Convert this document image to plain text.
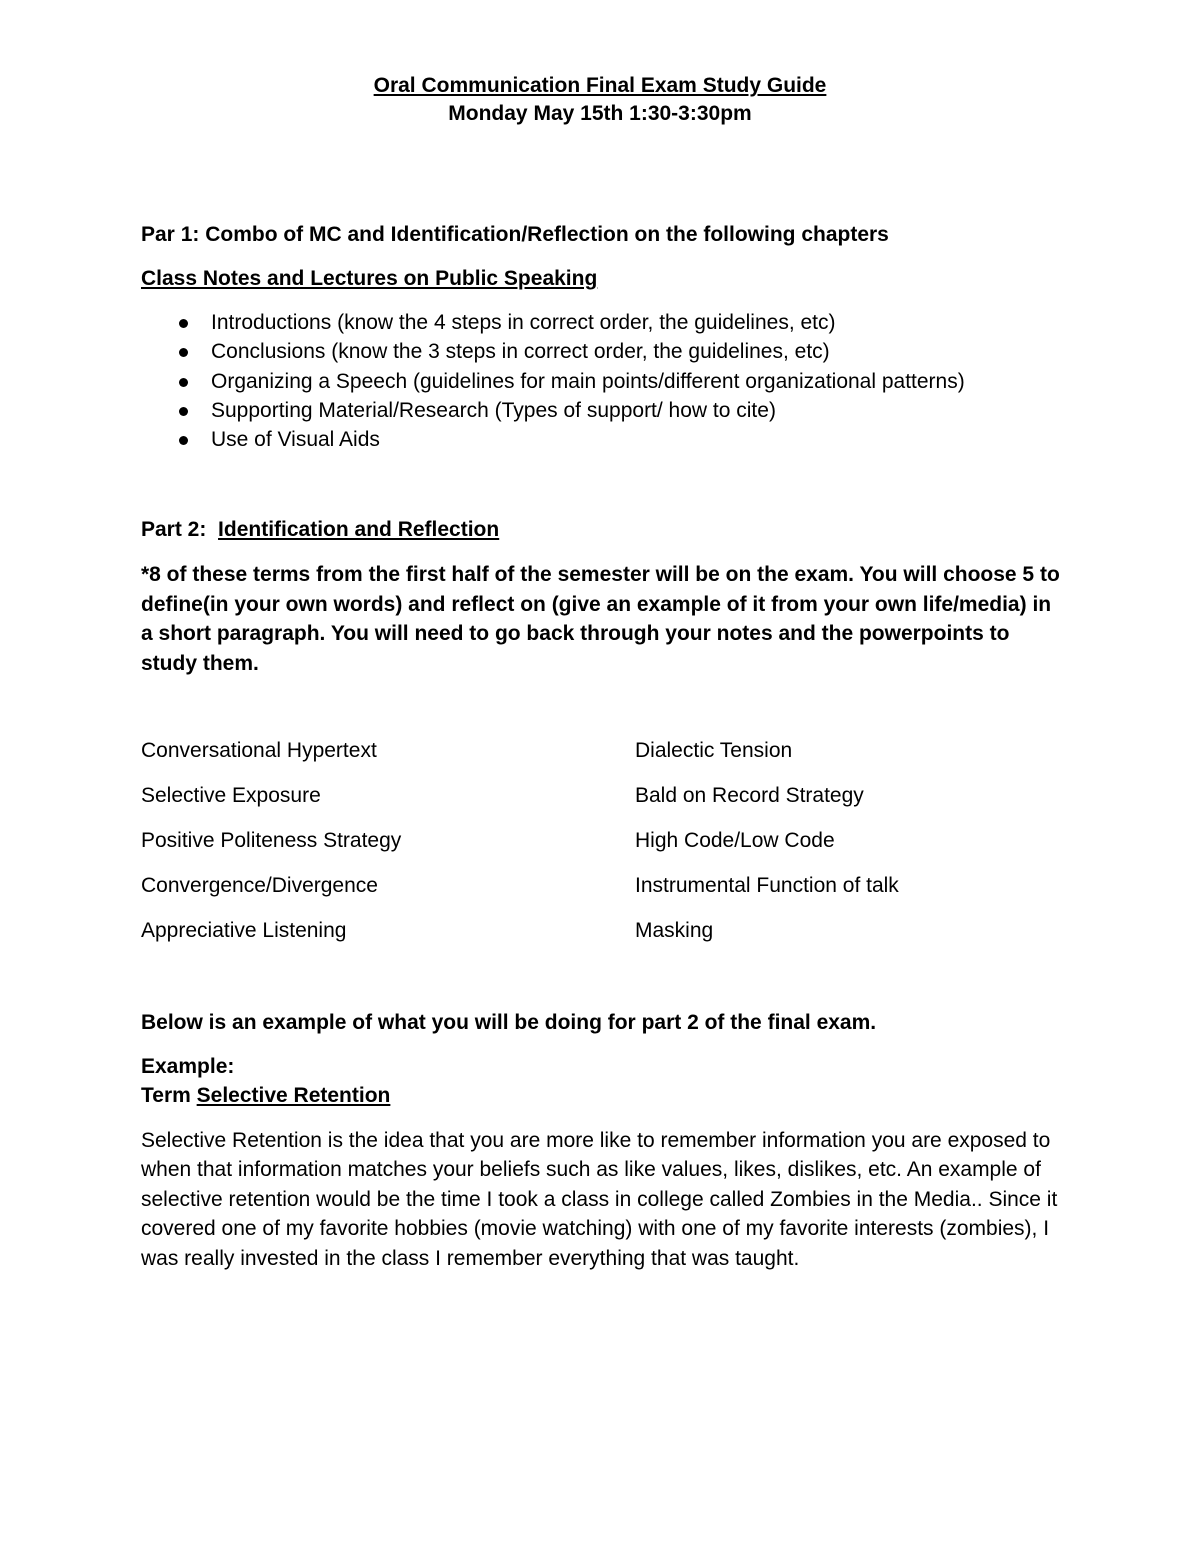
Oral Communication Final Exam Study Guide
Monday May 15th 1:30-3:30pm
Par 1: Combo of MC and Identification/Reflection on the following chapters
Class Notes and Lectures on Public Speaking
Introductions (know the 4 steps in correct order, the guidelines, etc)
Conclusions (know the 3 steps in correct order, the guidelines, etc)
Organizing a Speech (guidelines for main points/different organizational patterns)
Supporting Material/Research (Types of support/ how to cite)
Use of Visual Aids
Part 2: Identification and Reflection
*8 of these terms from the first half of the semester will be on the exam. You will choose 5 to define(in your own words) and reflect on (give an example of it from your own life/media) in a short paragraph. You will need to go back through your notes and the powerpoints to study them.
Conversational Hypertext	Dialectic Tension
Selective Exposure	Bald on Record Strategy
Positive Politeness Strategy	High Code/Low Code
Convergence/Divergence	Instrumental Function of talk
Appreciative Listening	Masking
Below is an example of what you will be doing for part 2 of the final exam.
Example:
Term Selective Retention
Selective Retention is the idea that you are more like to remember information you are exposed to when that information matches your beliefs such as like values, likes, dislikes, etc. An example of selective retention would be the time I took a class in college called Zombies in the Media.. Since it covered one of my favorite hobbies (movie watching) with one of my favorite interests (zombies), I was really invested in the class I remember everything that was taught.
